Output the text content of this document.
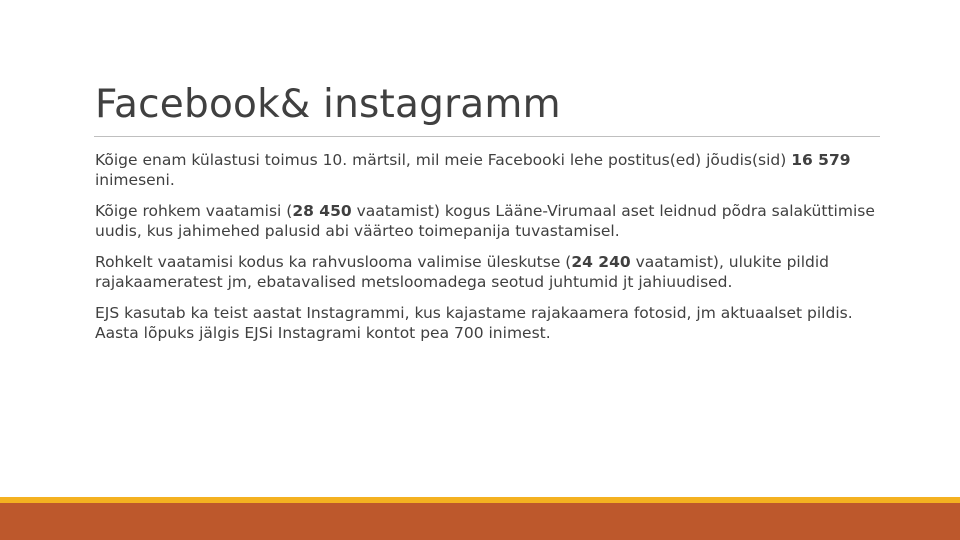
Facebook& instagramm

Kõige enam külastusi toimus 10. märtsil, mil meie Facebooki lehe postitus(ed) jõudis(sid) 16 579 inimeseni.

Kõige rohkem vaatamisi (28 450 vaatamist) kogus Lääne-Virumaal aset leidnud põdra salaküttimise uudis, kus jahimehed palusid abi väärteo toimepanija tuvastamisel.

Rohkelt vaatamisi kodus ka rahvuslooma valimise üleskutse (24 240 vaatamist), ulukite pildid rajakaameratest jm, ebatavalised metsloomadega seotud juhtumid jt jahiuudised.

EJS kasutab ka teist aastat Instagrammi, kus kajastame rajakaamera fotosid, jm aktuaalset pildis. Aasta lõpuks jälgis EJSi Instagrami kontot pea 700 inimest.
